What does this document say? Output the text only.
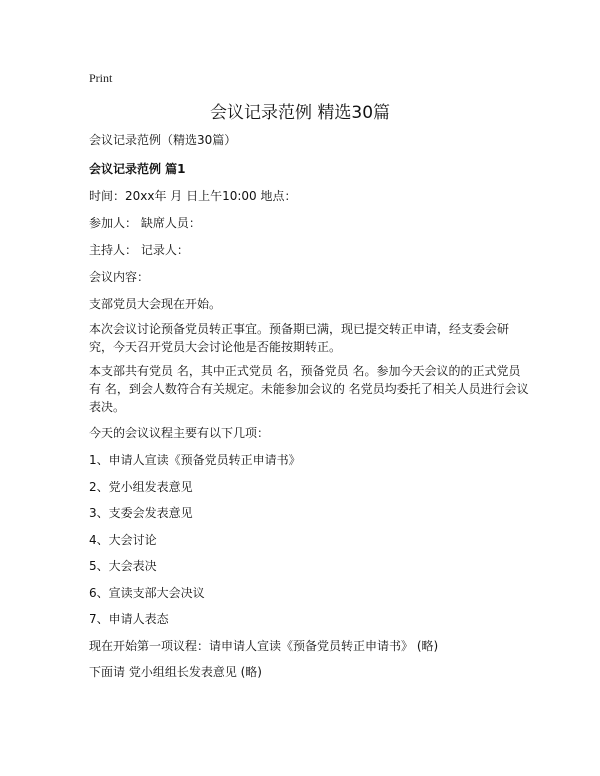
Print
会议记录范例 精选30篇

会议记录范例（精选30篇）

会议记录范例 篇1

时间：20xx年 月 日上午10:00 地点：

参加人： 缺席人员：

主持人： 记录人：

会议内容：

支部党员大会现在开始。

本次会议讨论预备党员转正事宜。预备期已满，现已提交转正申请，经支委会研究，今天召开党员大会讨论他是否能按期转正。

本支部共有党员 名，其中正式党员 名，预备党员 名。参加今天会议的的正式党员有 名，到会人数符合有关规定。未能参加会议的 名党员均委托了相关人员进行会议表决。

今天的会议议程主要有以下几项：

1、申请人宣读《预备党员转正申请书》

2、党小组发表意见

3、支委会发表意见

4、大会讨论

5、大会表决

6、宣读支部大会决议

7、申请人表态

现在开始第一项议程：请申请人宣读《预备党员转正申请书》 (略)

下面请 党小组组长发表意见 (略)
